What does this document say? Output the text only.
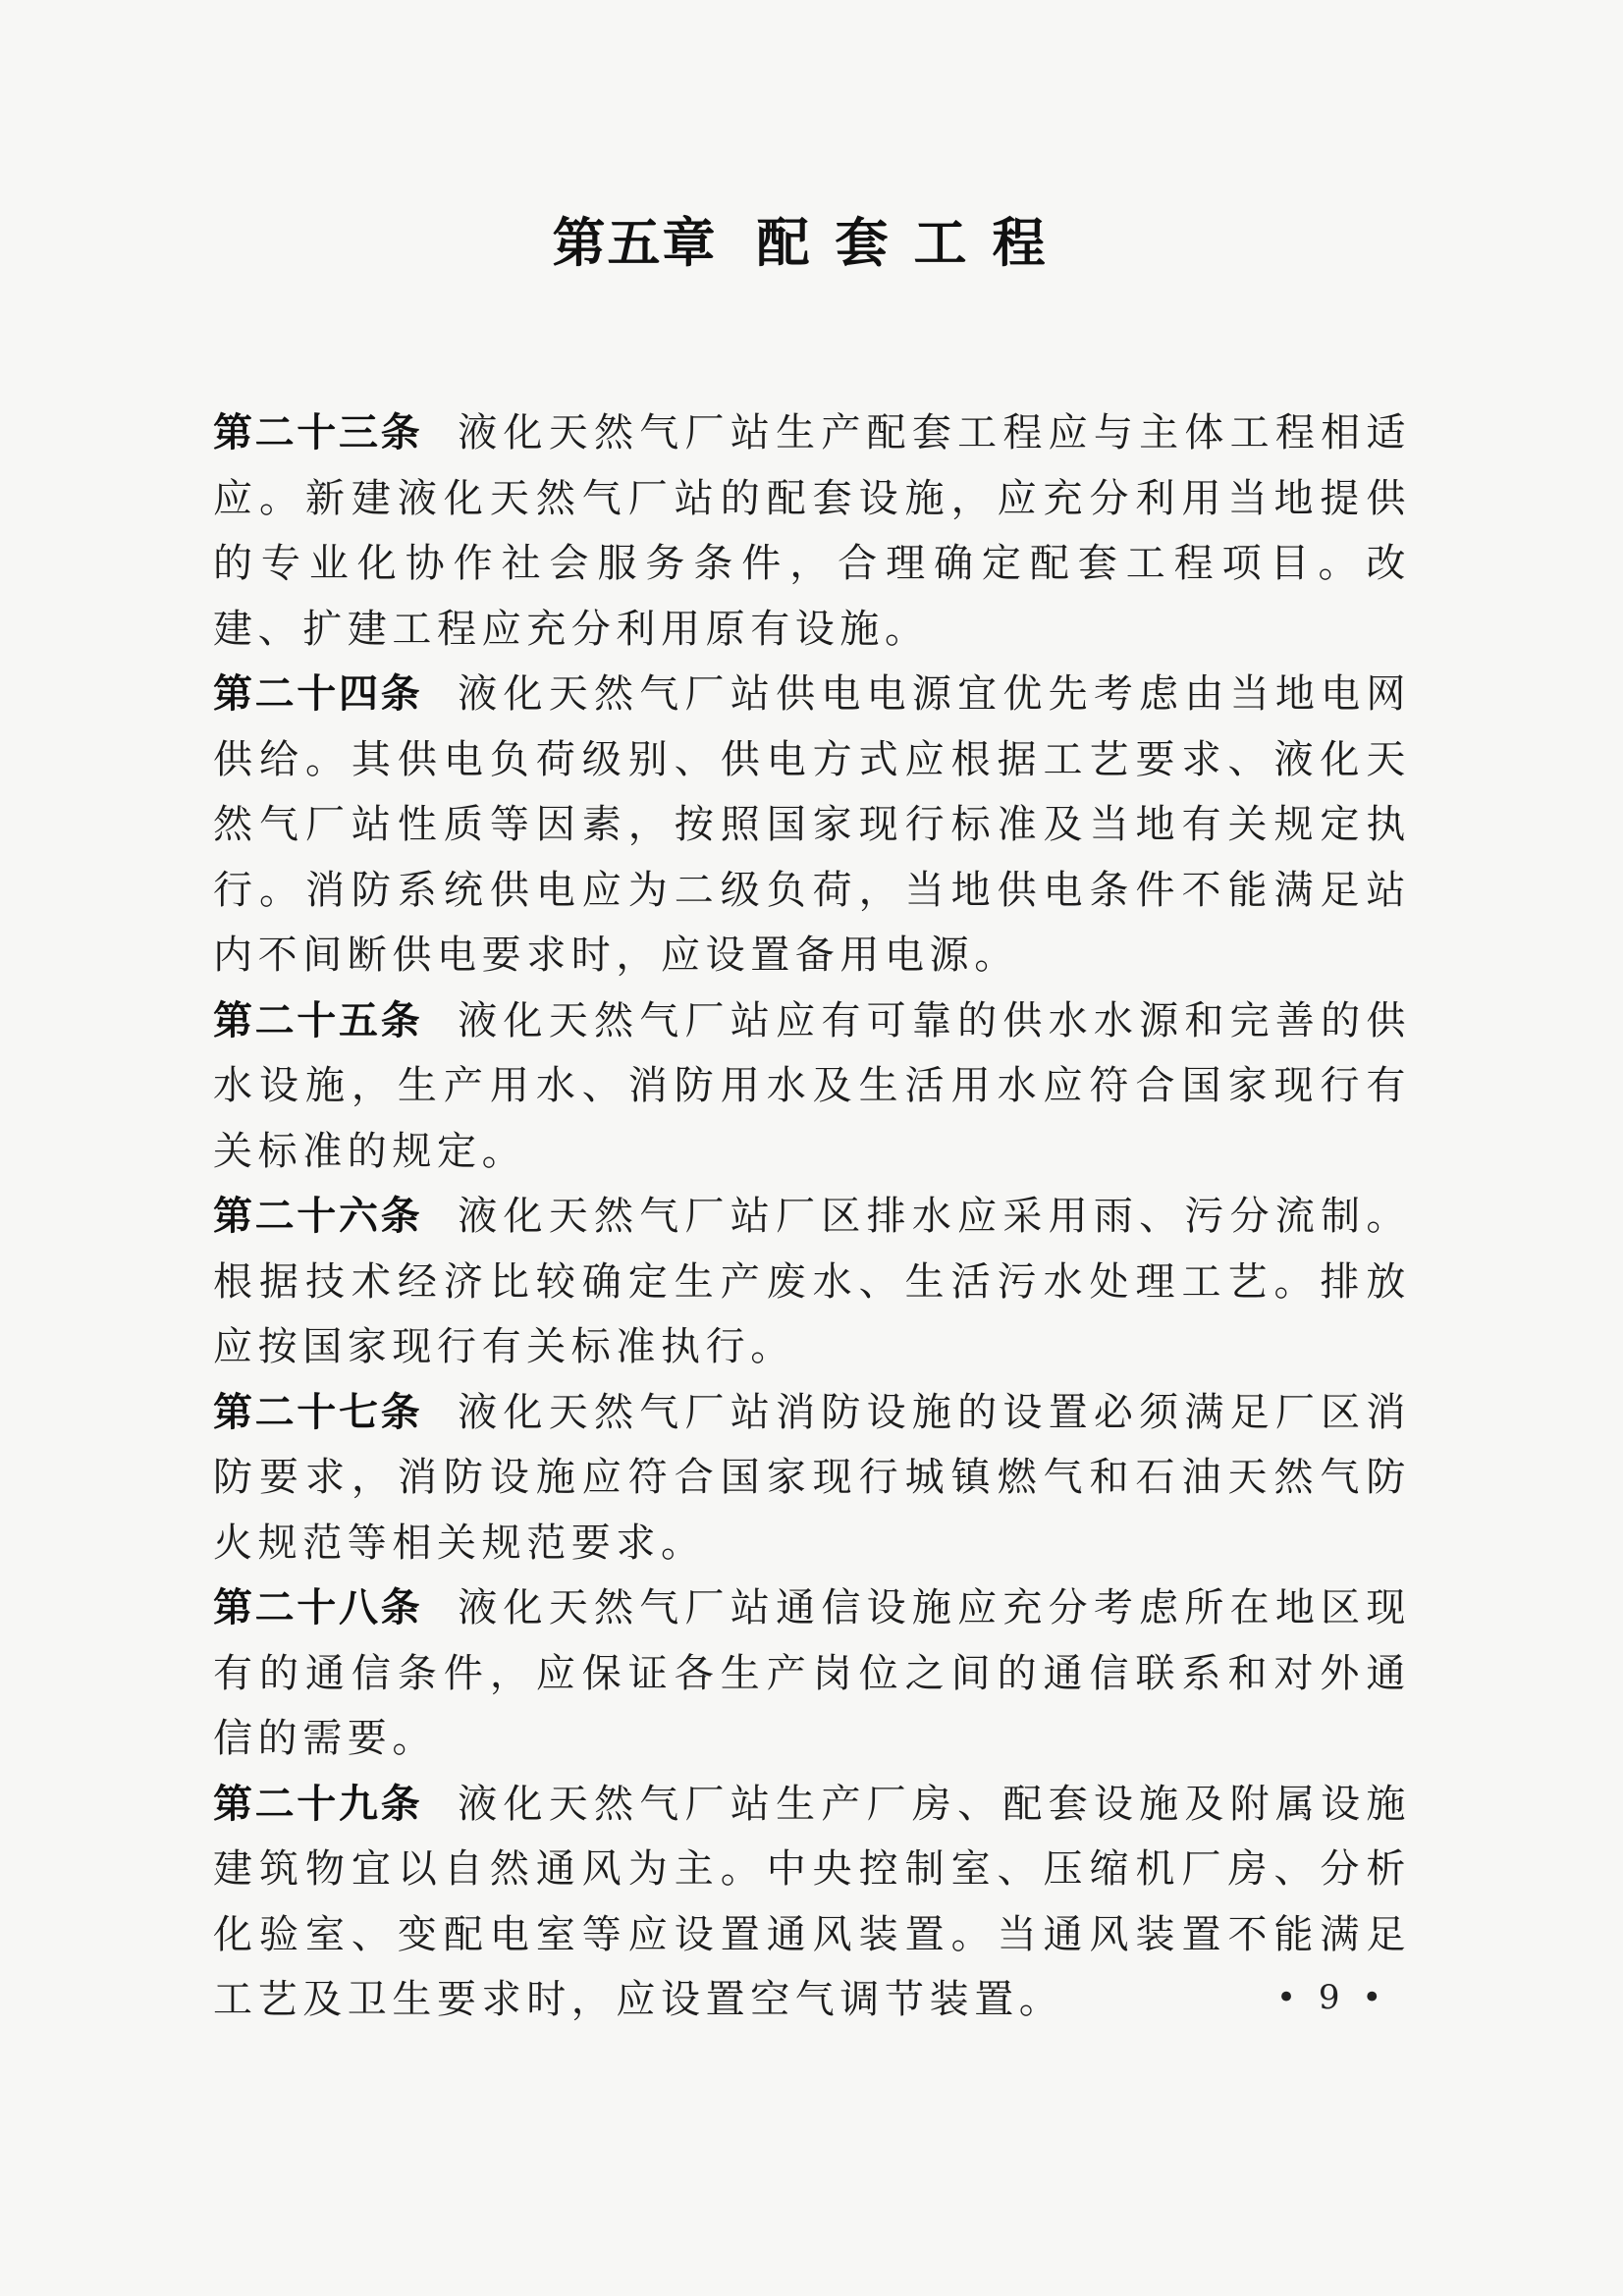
第五章 配套工程

第二十三条 液化天然气厂站生产配套工程应与主体工程相适应。新建液化天然气厂站的配套设施，应充分利用当地提供的专业化协作社会服务条件，合理确定配套工程项目。改建、扩建工程应充分利用原有设施。

第二十四条 液化天然气厂站供电电源宜优先考虑由当地电网供给。其供电负荷级别、供电方式应根据工艺要求、液化天然气厂站性质等因素，按照国家现行标准及当地有关规定执行。消防系统供电应为二级负荷，当地供电条件不能满足站内不间断供电要求时，应设置备用电源。

第二十五条 液化天然气厂站应有可靠的供水水源和完善的供水设施，生产用水、消防用水及生活用水应符合国家现行有关标准的规定。

第二十六条 液化天然气厂站厂区排水应采用雨、污分流制。根据技术经济比较确定生产废水、生活污水处理工艺。排放应按国家现行有关标准执行。

第二十七条 液化天然气厂站消防设施的设置必须满足厂区消防要求，消防设施应符合国家现行城镇燃气和石油天然气防火规范等相关规范要求。

第二十八条 液化天然气厂站通信设施应充分考虑所在地区现有的通信条件，应保证各生产岗位之间的通信联系和对外通信的需要。

第二十九条 液化天然气厂站生产厂房、配套设施及附属设施建筑物宜以自然通风为主。中央控制室、压缩机厂房、分析化验室、变配电室等应设置通风装置。当通风装置不能满足工艺及卫生要求时，应设置空气调节装置。	• 9 •
